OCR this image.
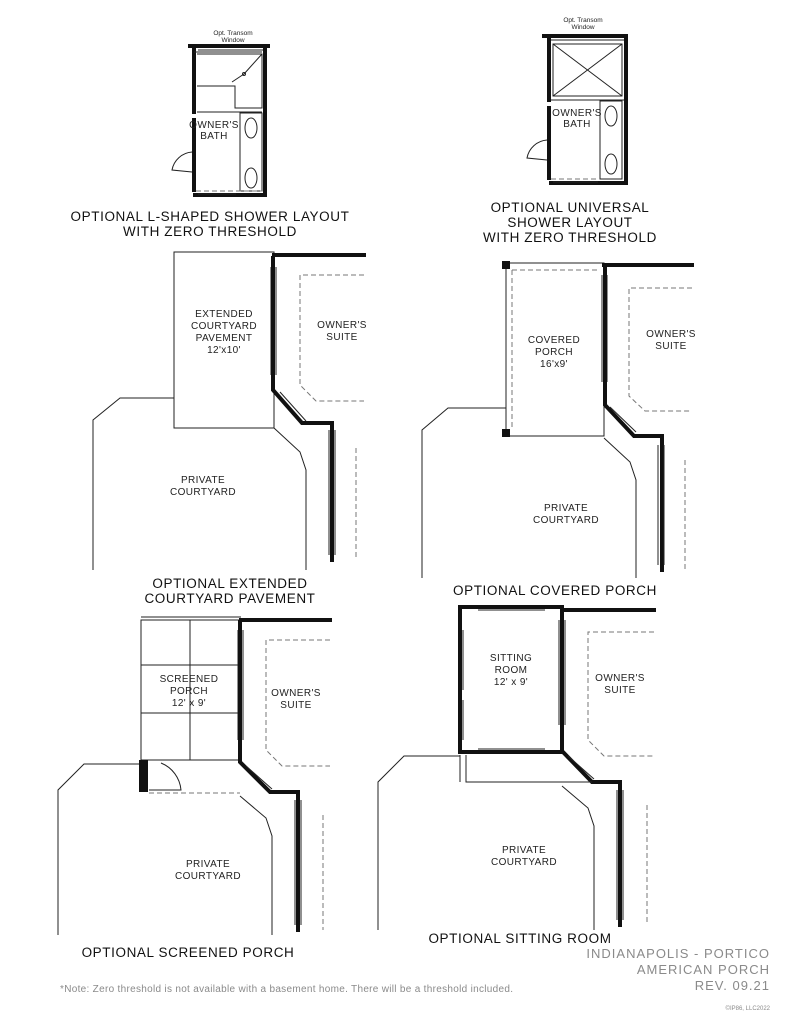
Opt. Transom
Window
OWNER'S
BATH
Opt. Transom
Window
OWNER'S
BATH
EXTENDED
COURTYARD
PAVEMENT
12'x10'
OWNER'S
SUITE
PRIVATE
COURTYARD
COVERED
PORCH
16'x9'
OWNER'S
SUITE
PRIVATE
COURTYARD
SCREENED
PORCH
12' x 9'
OWNER'S
SUITE
PRIVATE
COURTYARD
SITTING
ROOM
12' x 9'	OWNER'S
SUITE
PRIVATE
COURTYARD
OPTIONAL L-SHAPED SHOWER LAYOUT
WITH ZERO THRESHOLD
OPTIONAL UNIVERSAL
SHOWER LAYOUT
WITH ZERO THRESHOLD
OPTIONAL EXTENDED
COURTYARD PAVEMENT
OPTIONAL COVERED PORCH
OPTIONAL SCREENED PORCH
OPTIONAL SITTING ROOM
INDIANAPOLIS - PORTICO
AMERICAN PORCH
REV. 09.21
©IP86, LLC2022
*Note: Zero threshold is not available with a basement home. There will be a threshold included.
